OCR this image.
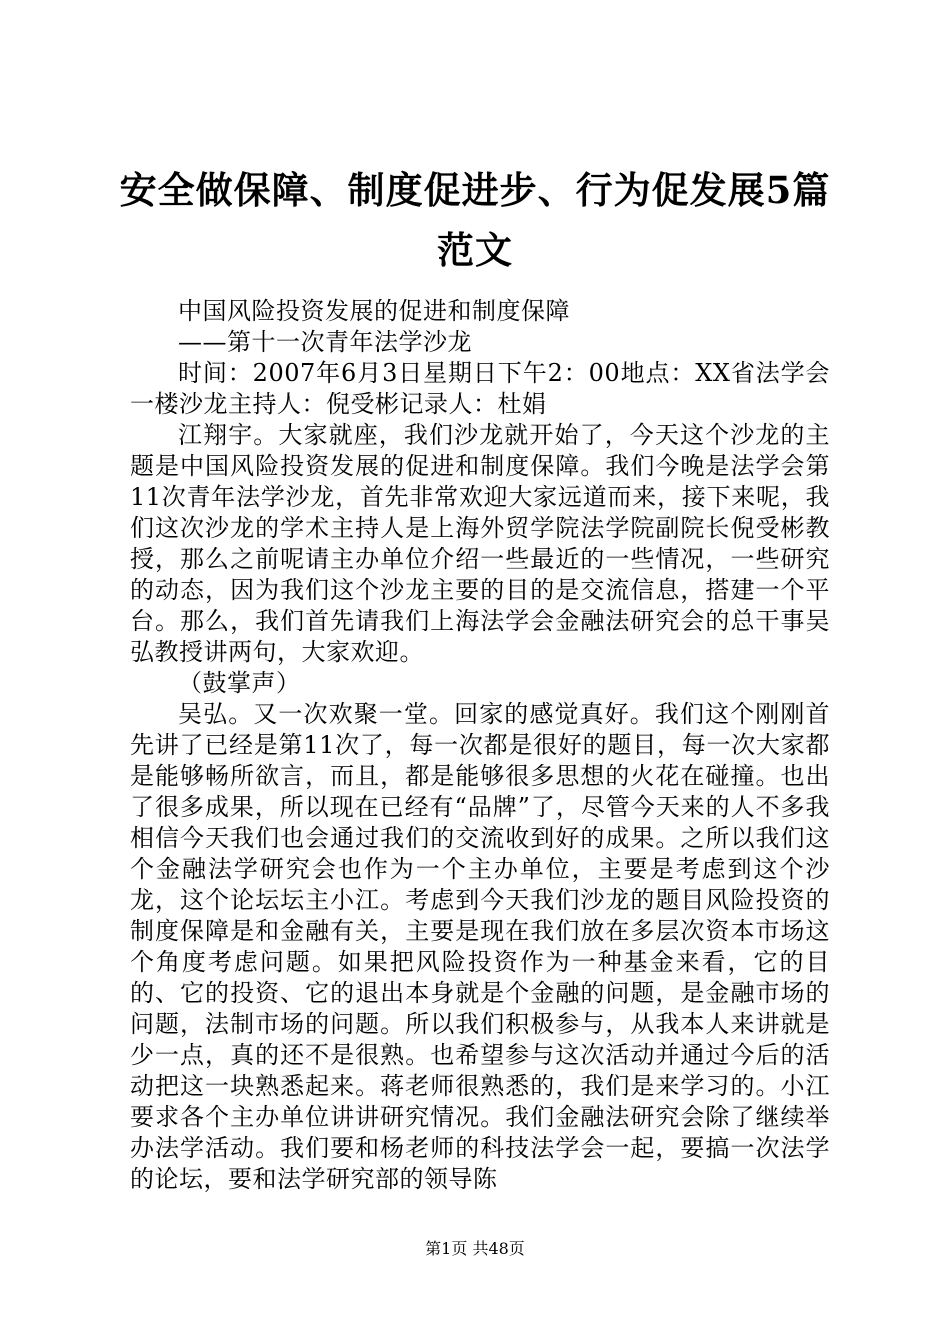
安全做保障、制度促进步、行为促发展5篇范文

中国风险投资发展的促进和制度保障

——第十一次青年法学沙龙

时间：2007年6月3日星期日下午2：00地点：XX省法学会一楼沙龙主持人：倪受彬记录人：杜娟

江翔宇。大家就座，我们沙龙就开始了，今天这个沙龙的主题是中国风险投资发展的促进和制度保障。我们今晚是法学会第11次青年法学沙龙，首先非常欢迎大家远道而来，接下来呢，我们这次沙龙的学术主持人是上海外贸学院法学院副院长倪受彬教授，那么之前呢请主办单位介绍一些最近的一些情况，一些研究的动态，因为我们这个沙龙主要的目的是交流信息，搭建一个平台。那么，我们首先请我们上海法学会金融法研究会的总干事吴弘教授讲两句，大家欢迎。

（鼓掌声）

吴弘。又一次欢聚一堂。回家的感觉真好。我们这个刚刚首先讲了已经是第11次了，每一次都是很好的题目，每一次大家都是能够畅所欲言，而且，都是能够很多思想的火花在碰撞。也出了很多成果，所以现在已经有“品牌”了，尽管今天来的人不多我相信今天我们也会通过我们的交流收到好的成果。之所以我们这个金融法学研究会也作为一个主办单位，主要是考虑到这个沙龙，这个论坛坛主小江。考虑到今天我们沙龙的题目风险投资的制度保障是和金融有关，主要是现在我们放在多层次资本市场这个角度考虑问题。如果把风险投资作为一种基金来看，它的目的、它的投资、它的退出本身就是个金融的问题，是金融市场的问题，法制市场的问题。所以我们积极参与，从我本人来讲就是少一点，真的还不是很熟。也希望参与这次活动并通过今后的活动把这一块熟悉起来。蒋老师很熟悉的，我们是来学习的。小江要求各个主办单位讲讲研究情况。我们金融法研究会除了继续举办法学活动。我们要和杨老师的科技法学会一起，要搞一次法学的论坛，要和法学研究部的领导陈

第1页 共48页
